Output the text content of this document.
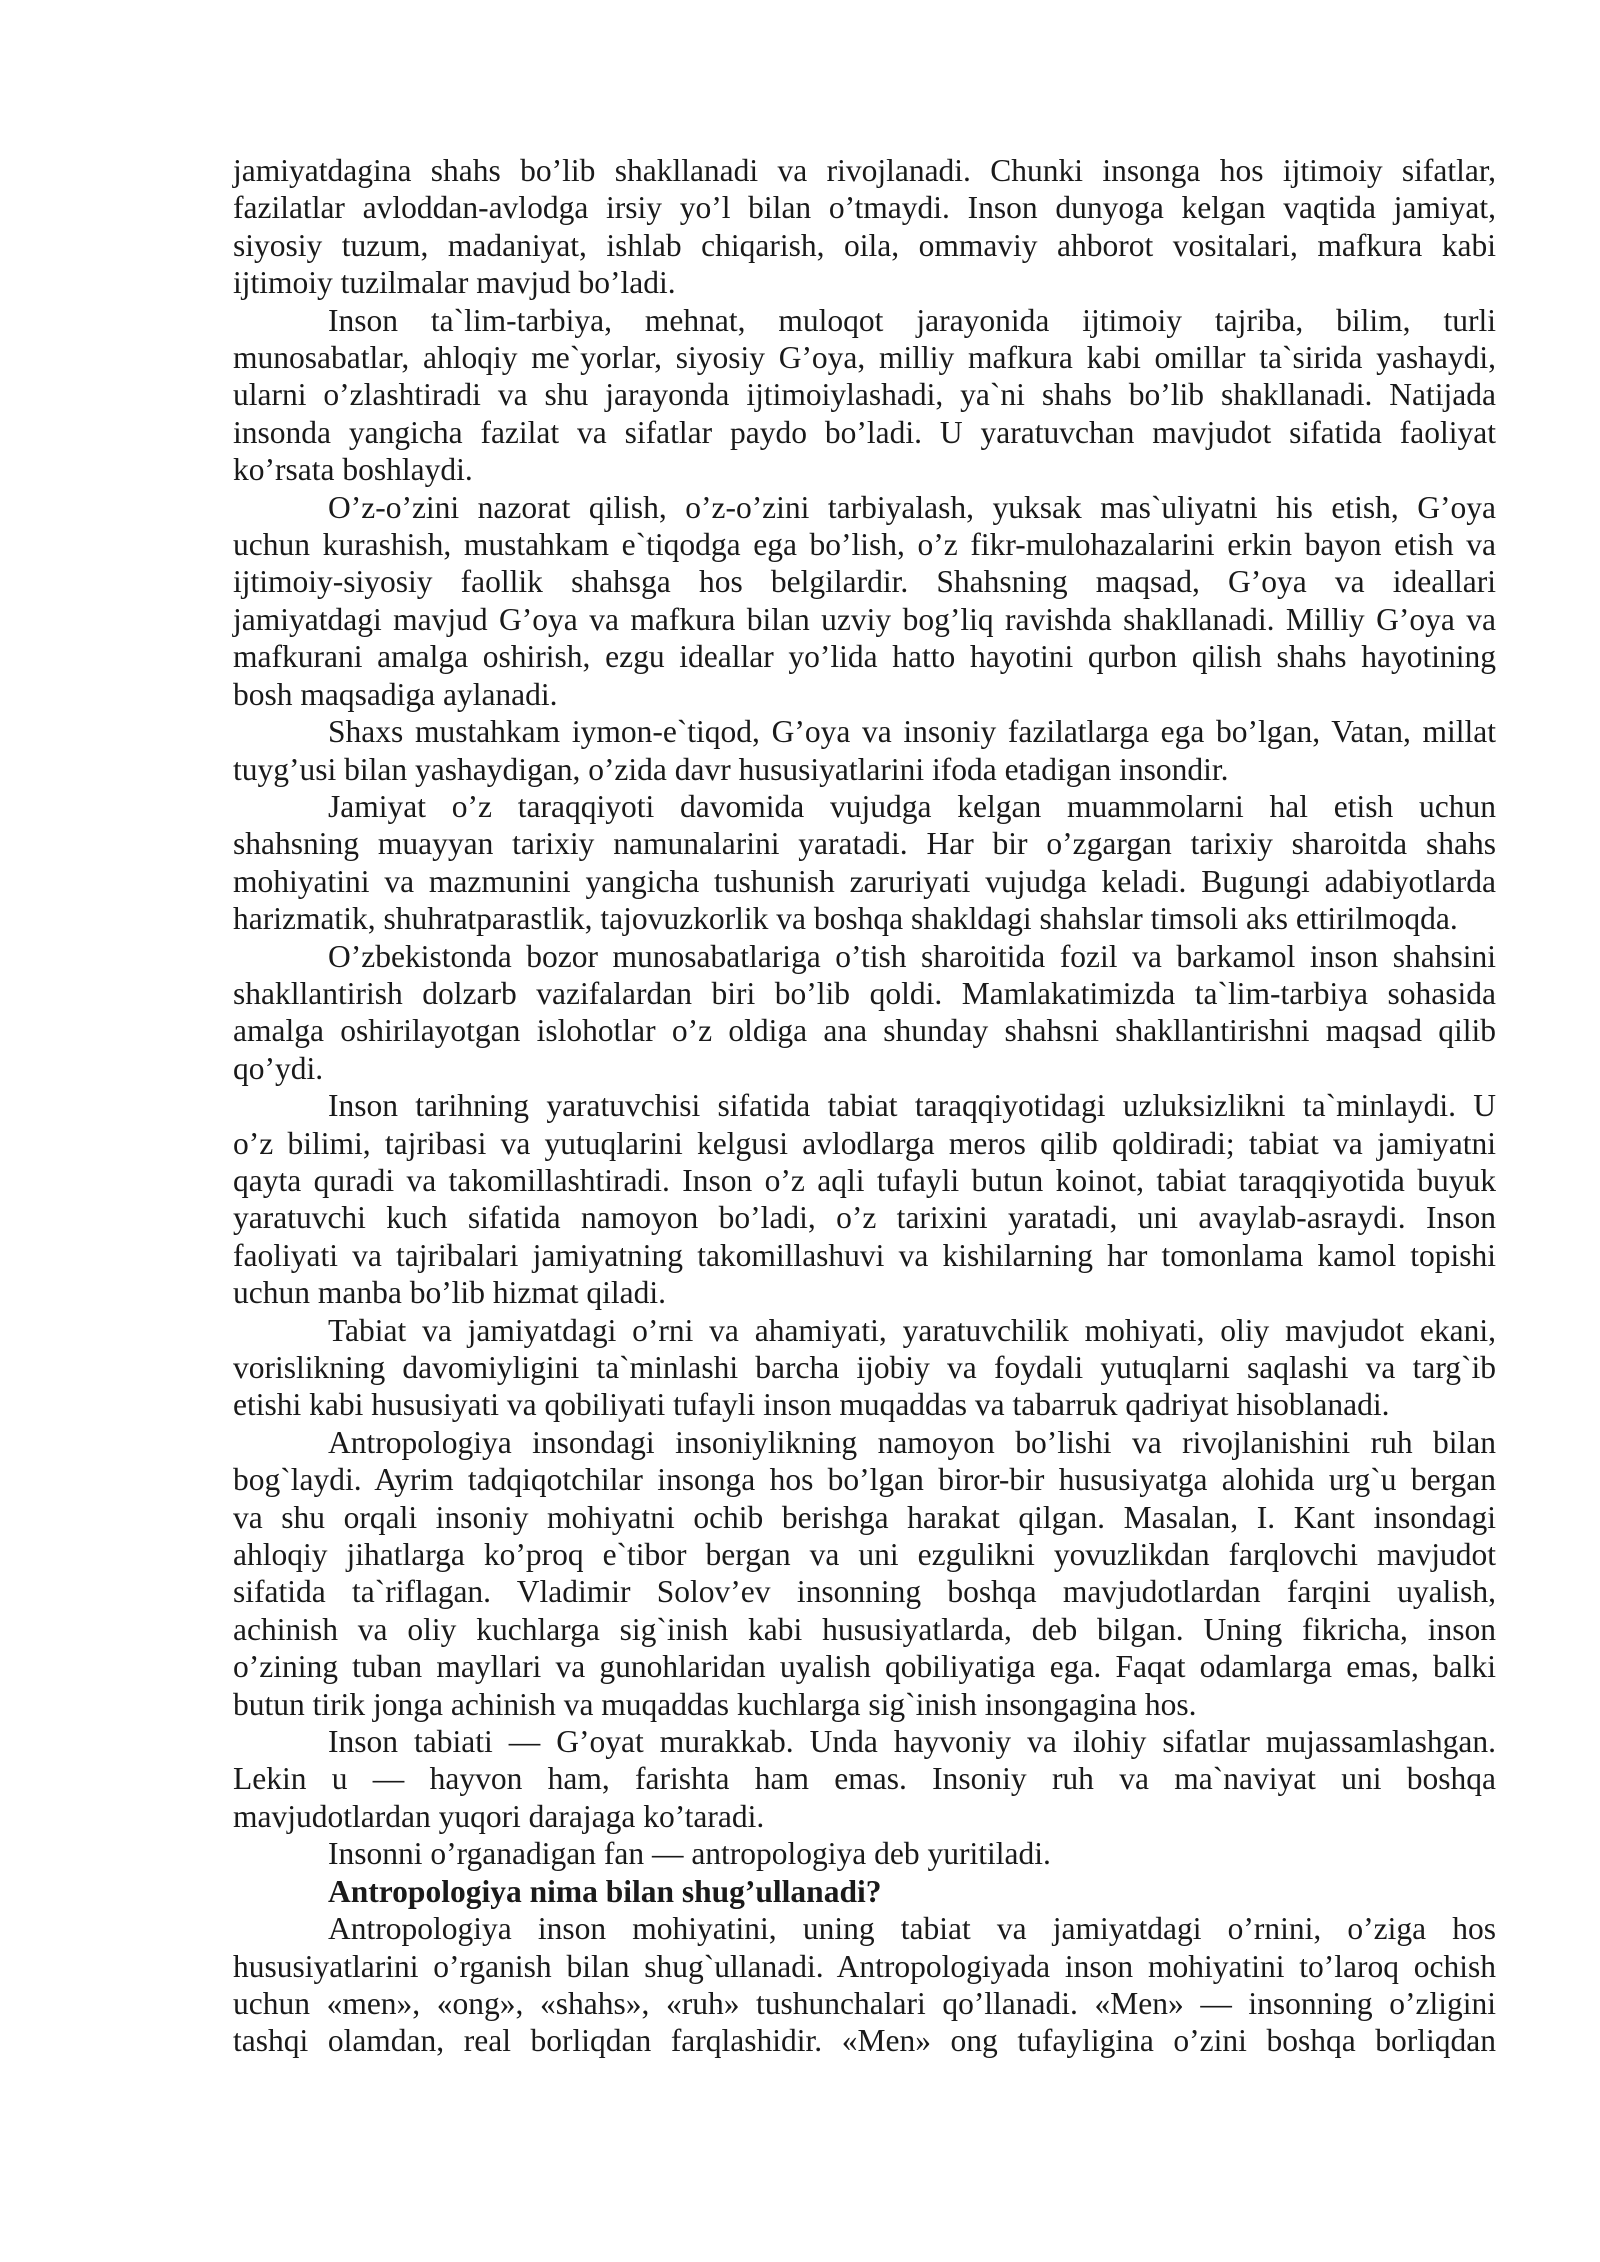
jamiyatdagina shahs bo’lib shakllanadi va rivojlanadi. Chunki insonga hos ijtimoiy sifatlar,
fazilatlar avloddan-avlodga irsiy yo’l bilan o’tmaydi. Inson dunyoga kelgan vaqtida jamiyat,
siyosiy tuzum, madaniyat, ishlab chiqarish, oila, ommaviy ahborot vositalari, mafkura kabi
ijtimoiy tuzilmalar mavjud bo’ladi.
Inson ta`lim-tarbiya, mehnat, muloqot jarayonida ijtimoiy tajriba, bilim, turli
munosabatlar, ahloqiy me`yorlar, siyosiy G’oya, milliy mafkura kabi omillar ta`sirida yashaydi,
ularni o’zlashtiradi va shu jarayonda ijtimoiylashadi, ya`ni shahs bo’lib shakllanadi. Natijada
insonda yangicha fazilat va sifatlar paydo bo’ladi. U yaratuvchan mavjudot sifatida faoliyat
ko’rsata boshlaydi.
O’z-o’zini nazorat qilish, o’z-o’zini tarbiyalash, yuksak mas`uliyatni his etish, G’oya
uchun kurashish, mustahkam e`tiqodga ega bo’lish, o’z fikr-mulohazalarini erkin bayon etish va
ijtimoiy-siyosiy faollik shahsga hos belgilardir. Shahsning maqsad, G’oya va ideallari
jamiyatdagi mavjud G’oya va mafkura bilan uzviy bog’liq ravishda shakllanadi. Milliy G’oya va
mafkurani amalga oshirish, ezgu ideallar yo’lida hatto hayotini qurbon qilish shahs hayotining
bosh maqsadiga aylanadi.
Shaxs mustahkam iymon-e`tiqod, G’oya va insoniy fazilatlarga ega bo’lgan, Vatan, millat
tuyg’usi bilan yashaydigan, o’zida davr hususiyatlarini ifoda etadigan insondir.
Jamiyat o’z taraqqiyoti davomida vujudga kelgan muammolarni hal etish uchun
shahsning muayyan tarixiy namunalarini yaratadi. Har bir o’zgargan tarixiy sharoitda shahs
mohiyatini va mazmunini yangicha tushunish zaruriyati vujudga keladi. Bugungi adabiyotlarda
harizmatik, shuhratparastlik, tajovuzkorlik va boshqa shakldagi shahslar timsoli aks ettirilmoqda.
O’zbekistonda bozor munosabatlariga o’tish sharoitida fozil va barkamol inson shahsini
shakllantirish dolzarb vazifalardan biri bo’lib qoldi. Mamlakatimizda ta`lim-tarbiya sohasida
amalga oshirilayotgan islohotlar o’z oldiga ana shunday shahsni shakllantirishni maqsad qilib
qo’ydi.
Inson tarihning yaratuvchisi sifatida tabiat taraqqiyotidagi uzluksizlikni ta`minlaydi. U
o’z bilimi, tajribasi va yutuqlarini kelgusi avlodlarga meros qilib qoldiradi; tabiat va jamiyatni
qayta quradi va takomillashtiradi. Inson o’z aqli tufayli butun koinot, tabiat taraqqiyotida buyuk
yaratuvchi kuch sifatida namoyon bo’ladi, o’z tarixini yaratadi, uni avaylab-asraydi. Inson
faoliyati va tajribalari jamiyatning takomillashuvi va kishilarning har tomonlama kamol topishi
uchun manba bo’lib hizmat qiladi.
Tabiat va jamiyatdagi o’rni va ahamiyati, yaratuvchilik mohiyati, oliy mavjudot ekani,
vorislikning davomiyligini ta`minlashi barcha ijobiy va foydali yutuqlarni saqlashi va targ`ib
etishi kabi hususiyati va qobiliyati tufayli inson muqaddas va tabarruk qadriyat hisoblanadi.
Antropologiya insondagi insoniylikning namoyon bo’lishi va rivojlanishini ruh bilan
bog`laydi. Ayrim tadqiqotchilar insonga hos bo’lgan biror-bir hususiyatga alohida urg`u bergan
va shu orqali insoniy mohiyatni ochib berishga harakat qilgan. Masalan, I. Kant insondagi
ahloqiy jihatlarga ko’proq e`tibor bergan va uni ezgulikni yovuzlikdan farqlovchi mavjudot
sifatida ta`riflagan. Vladimir Solov’ev insonning boshqa mavjudotlardan farqini uyalish,
achinish va oliy kuchlarga sig`inish kabi hususiyatlarda, deb bilgan. Uning fikricha, inson
o’zining tuban mayllari va gunohlaridan uyalish qobiliyatiga ega. Faqat odamlarga emas, balki
butun tirik jonga achinish va muqaddas kuchlarga sig`inish insongagina hos.
Inson tabiati — G’oyat murakkab. Unda hayvoniy va ilohiy sifatlar mujassamlashgan.
Lekin u — hayvon ham, farishta ham emas. Insoniy ruh va ma`naviyat uni boshqa
mavjudotlardan yuqori darajaga ko’taradi.
Insonni o’rganadigan fan — antropologiya deb yuritiladi.
Antropologiya nima bilan shug’ullanadi?
Antropologiya inson mohiyatini, uning tabiat va jamiyatdagi o’rnini, o’ziga hos
hususiyatlarini o’rganish bilan shug`ullanadi. Antropologiyada inson mohiyatini to’laroq ochish
uchun «men», «ong», «shahs», «ruh» tushunchalari qo’llanadi. «Men» — insonning o’zligini
tashqi olamdan, real borliqdan farqlashidir. «Men» ong tufayligina o’zini boshqa borliqdan
